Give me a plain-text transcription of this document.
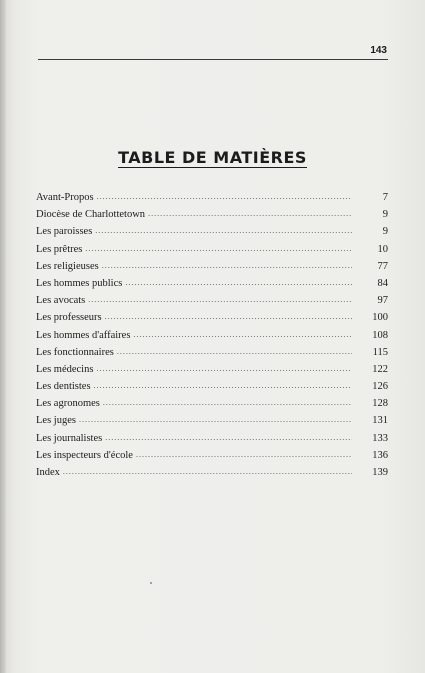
143
TABLE DE MATIÈRES
Avant-Propos .....	7
Diocèse de Charlottetown .....	9
Les paroisses .....	9
Les prêtres .....	10
Les religieuses .....	77
Les hommes publics .....	84
Les avocats .....	97
Les professeurs .....	100
Les hommes d'affaires .....	108
Les fonctionnaires .....	115
Les médecins .....	122
Les dentistes .....	126
Les agronomes .....	128
Les juges .....	131
Les journalistes .....	133
Les inspecteurs d'école .....	136
Index .....	139
